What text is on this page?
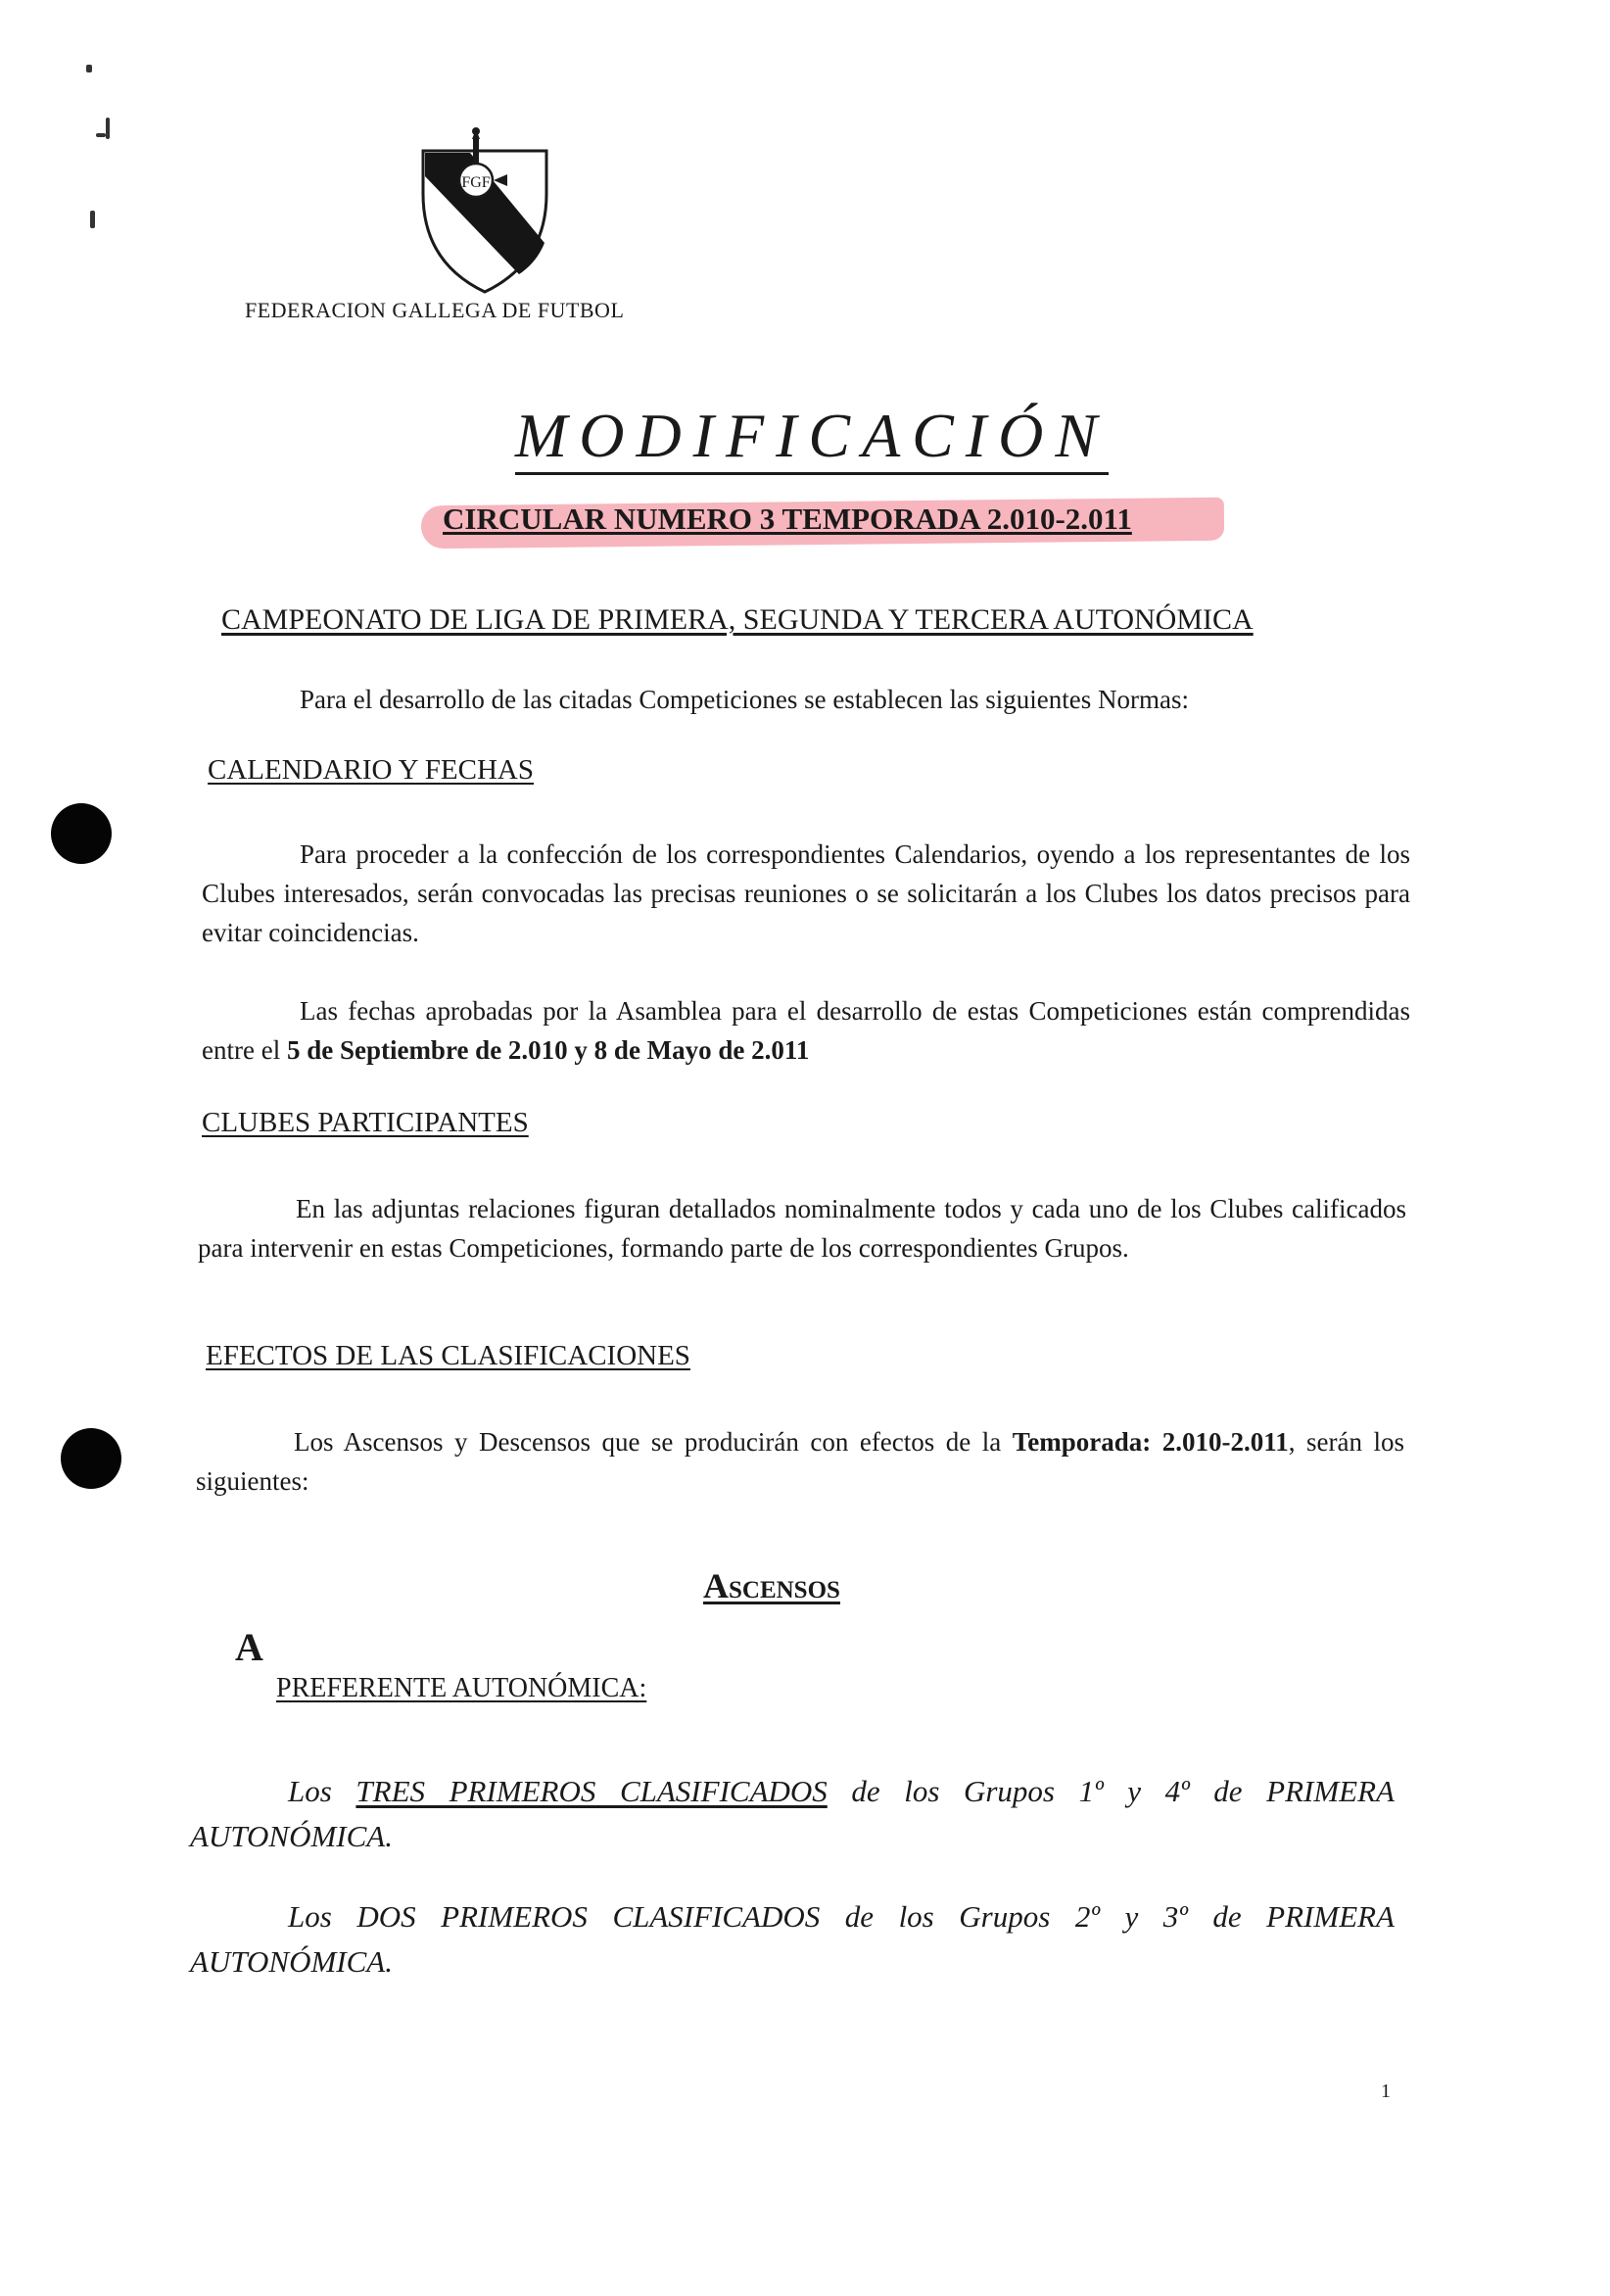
FGF
FEDERACION GALLEGA DE FUTBOL
MODIFICACIÓN
CIRCULAR NUMERO 3 TEMPORADA 2.010-2.011
CAMPEONATO DE LIGA DE PRIMERA, SEGUNDA Y TERCERA AUTONÓMICA
Para el desarrollo de las citadas Competiciones se establecen las siguientes Normas:
CALENDARIO Y FECHAS
Para proceder a la confección de los correspondientes Calendarios, oyendo a los representantes de los Clubes interesados, serán convocadas las precisas reuniones o se solicitarán a los Clubes los datos precisos para evitar coincidencias.
Las fechas aprobadas por la Asamblea para el desarrollo de estas Competiciones están comprendidas entre el 5 de Septiembre de 2.010 y 8 de Mayo de 2.011
CLUBES PARTICIPANTES
En las adjuntas relaciones figuran detallados nominalmente todos y cada uno de los Clubes calificados para intervenir en estas Competiciones, formando parte de los correspondientes Grupos.
EFECTOS DE LAS CLASIFICACIONES
Los Ascensos y Descensos que se producirán con efectos de la Temporada: 2.010-2.011, serán los siguientes:
Ascensos
A
PREFERENTE AUTONÓMICA:
Los TRES PRIMEROS CLASIFICADOS de los Grupos 1º y 4º de PRIMERA AUTONÓMICA.
Los DOS PRIMEROS CLASIFICADOS de los Grupos 2º y 3º de PRIMERA AUTONÓMICA.
1
